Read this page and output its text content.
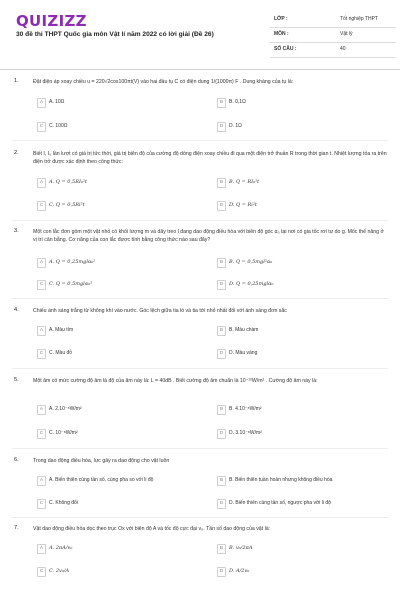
QUIZIZZ
30 đề thi THPT Quốc gia môn Vật lí năm 2022 có lời giải (Đề 26)
LỚP :	Tốt nghiệp THPT
MÔN :	Vật lý
SỐ CÂU :	40
1.	Đặt điện áp xoay chiều u = 220√2cos100πt(V) vào hai đầu tụ C có điện dung 1/(1000π) F . Dung kháng của tụ là:
A	A. 10Ω	B	B. 0,1Ω
C	C. 100Ω	D	D. 1Ω
2.	Biết I, I₀ lần lượt có giá trị tức thời, giá trị biên độ của cường độ dòng điện xoay chiều đi qua một điện trở thuần R trong thời gian t. Nhiệt lượng tỏa ra trên điện trở được xác định theo công thức:
A	A. Q = 0,5RI₀²t	B	B. Q = RI₀²t
C	C. Q = 0,5Ri²t	D	D. Q = Ri²t
3.	Một con lắc đơn gồm một vật nhỏ có khối lượng m và dây treo l đang dao động điều hòa với biên độ góc α₀ tại nơi có gia tốc rơi tự do g. Mốc thế năng ở vị trí cân bằng. Cơ năng của con lắc được tính bằng công thức nào sau đây?
A	A. Q = 0,25mglα₀²	B	B. Q = 0,5mgl²α₀
C	C. Q = 0,5mglα₀²	D	D. Q = 0,25mglα₀
4.	Chiếu ánh sáng trắng từ không khí vào nước. Góc lệch giữa tia ló và tia tới nhỏ nhất đối với ánh sáng đơn sắc
A	A. Màu tím	B	B. Màu chàm
C	C. Màu đỏ	D	D. Màu vàng
5.	Một âm có mức cường độ âm là độ của âm này là: L = 40dB . Biết cường độ âm chuẩn là 10⁻¹²W/m² . Cường độ âm này là:
A	A. 2.10⁻⁸W/m²	B	B. 4.10⁻⁸W/m²
C	C. 10⁻⁸W/m²	D	D. 3.10⁻⁸W/m²
6.	Trong dao động điều hòa, lực gây ra dao động cho vật luôn
A	A. Biến thiên cùng tần số, cùng pha so với li độ	B	B. Biến thiên tuần hoàn nhưng không điều hòa
C	C. Không đổi	D	D. Biến thiên cùng tần số, ngược pha với li độ
7.	Vật dao động điều hòa dọc theo trục Ox với biên độ A và tốc độ cực đại v₀. Tần số dao động của vật là:
A	A. 2πA/v₀	B	B. v₀/2πA
C	C. 2v₀/A	D	D. A/2v₀
